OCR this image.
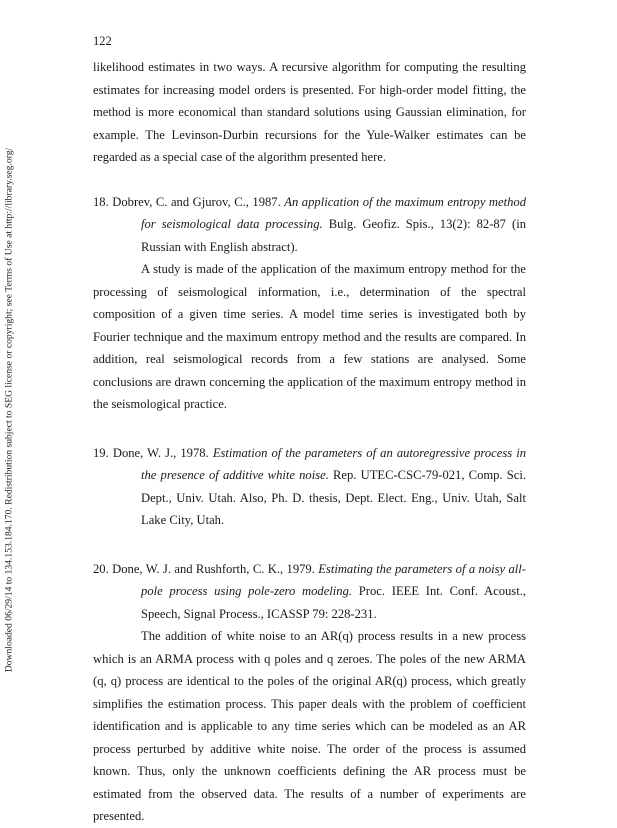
Downloaded 06/29/14 to 134.153.184.170. Redistribution subject to SEG license or copyright; see Terms of Use at http://library.seg.org/
122

likelihood estimates in two ways. A recursive algorithm for computing the resulting estimates for increasing model orders is presented. For high-order model fitting, the method is more economical than standard solutions using Gaussian elimination, for example. The Levinson-Durbin recursions for the Yule-Walker estimates can be regarded as a special case of the algorithm presented here.

18. Dobrev, C. and Gjurov, C., 1987. An application of the maximum entropy method for seismological data processing. Bulg. Geofiz. Spis., 13(2): 82-87 (in Russian with English abstract).

A study is made of the application of the maximum entropy method for the processing of seismological information, i.e., determination of the spectral composition of a given time series. A model time series is investigated both by Fourier technique and the maximum entropy method and the results are compared. In addition, real seismological records from a few stations are analysed. Some conclusions are drawn concerning the application of the maximum entropy method in the seismological practice.

19. Done, W. J., 1978. Estimation of the parameters of an autoregressive process in the presence of additive white noise. Rep. UTEC-CSC-79-021, Comp. Sci. Dept., Univ. Utah. Also, Ph. D. thesis, Dept. Elect. Eng., Univ. Utah, Salt Lake City, Utah.

20. Done, W. J. and Rushforth, C. K., 1979. Estimating the parameters of a noisy all-pole process using pole-zero modeling. Proc. IEEE Int. Conf. Acoust., Speech, Signal Process., ICASSP 79: 228-231.

The addition of white noise to an AR(q) process results in a new process which is an ARMA process with q poles and q zeroes. The poles of the new ARMA (q, q) process are identical to the poles of the original AR(q) process, which greatly simplifies the estimation process. This paper deals with the problem of coefficient identification and is applicable to any time series which can be modeled as an AR process perturbed by additive white noise. The order of the process is assumed known. Thus, only the unknown coefficients defining the AR process must be estimated from the observed data. The results of a number of experiments are presented.
